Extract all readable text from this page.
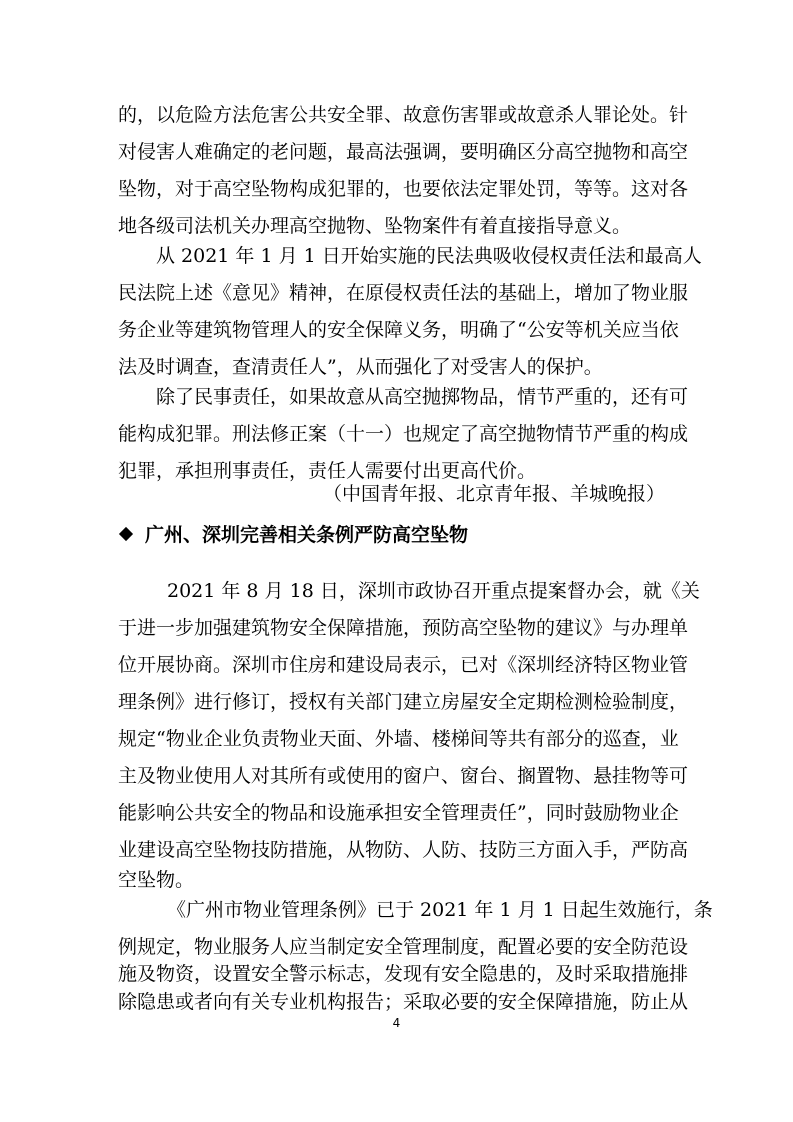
的，以危险方法危害公共安全罪、故意伤害罪或故意杀人罪论处。针
对侵害人难确定的老问题，最高法强调，要明确区分高空抛物和高空
坠物，对于高空坠物构成犯罪的，也要依法定罪处罚，等等。这对各
地各级司法机关办理高空抛物、坠物案件有着直接指导意义。
从 2021 年 1 月 1 日开始实施的民法典吸收侵权责任法和最高人
民法院上述《意见》精神，在原侵权责任法的基础上，增加了物业服
务企业等建筑物管理人的安全保障义务，明确了“公安等机关应当依
法及时调查，查清责任人”，从而强化了对受害人的保护。
除了民事责任，如果故意从高空抛掷物品，情节严重的，还有可
能构成犯罪。刑法修正案（十一）也规定了高空抛物情节严重的构成
犯罪，承担刑事责任，责任人需要付出更高代价。
（中国青年报、北京青年报、羊城晚报）
广州、深圳完善相关条例严防高空坠物
2021 年 8 月 18 日，深圳市政协召开重点提案督办会，就《关
于进一步加强建筑物安全保障措施，预防高空坠物的建议》与办理单
位开展协商。深圳市住房和建设局表示，已对《深圳经济特区物业管
理条例》进行修订，授权有关部门建立房屋安全定期检测检验制度，
规定“物业企业负责物业天面、外墙、楼梯间等共有部分的巡查，业
主及物业使用人对其所有或使用的窗户、窗台、搁置物、悬挂物等可
能影响公共安全的物品和设施承担安全管理责任”，同时鼓励物业企
业建设高空坠物技防措施，从物防、人防、技防三方面入手，严防高
空坠物。
《广州市物业管理条例》已于 2021 年 1 月 1 日起生效施行，条
例规定，物业服务人应当制定安全管理制度，配置必要的安全防范设
施及物资，设置安全警示标志，发现有安全隐患的，及时采取措施排
除隐患或者向有关专业机构报告；采取必要的安全保障措施，防止从
4
